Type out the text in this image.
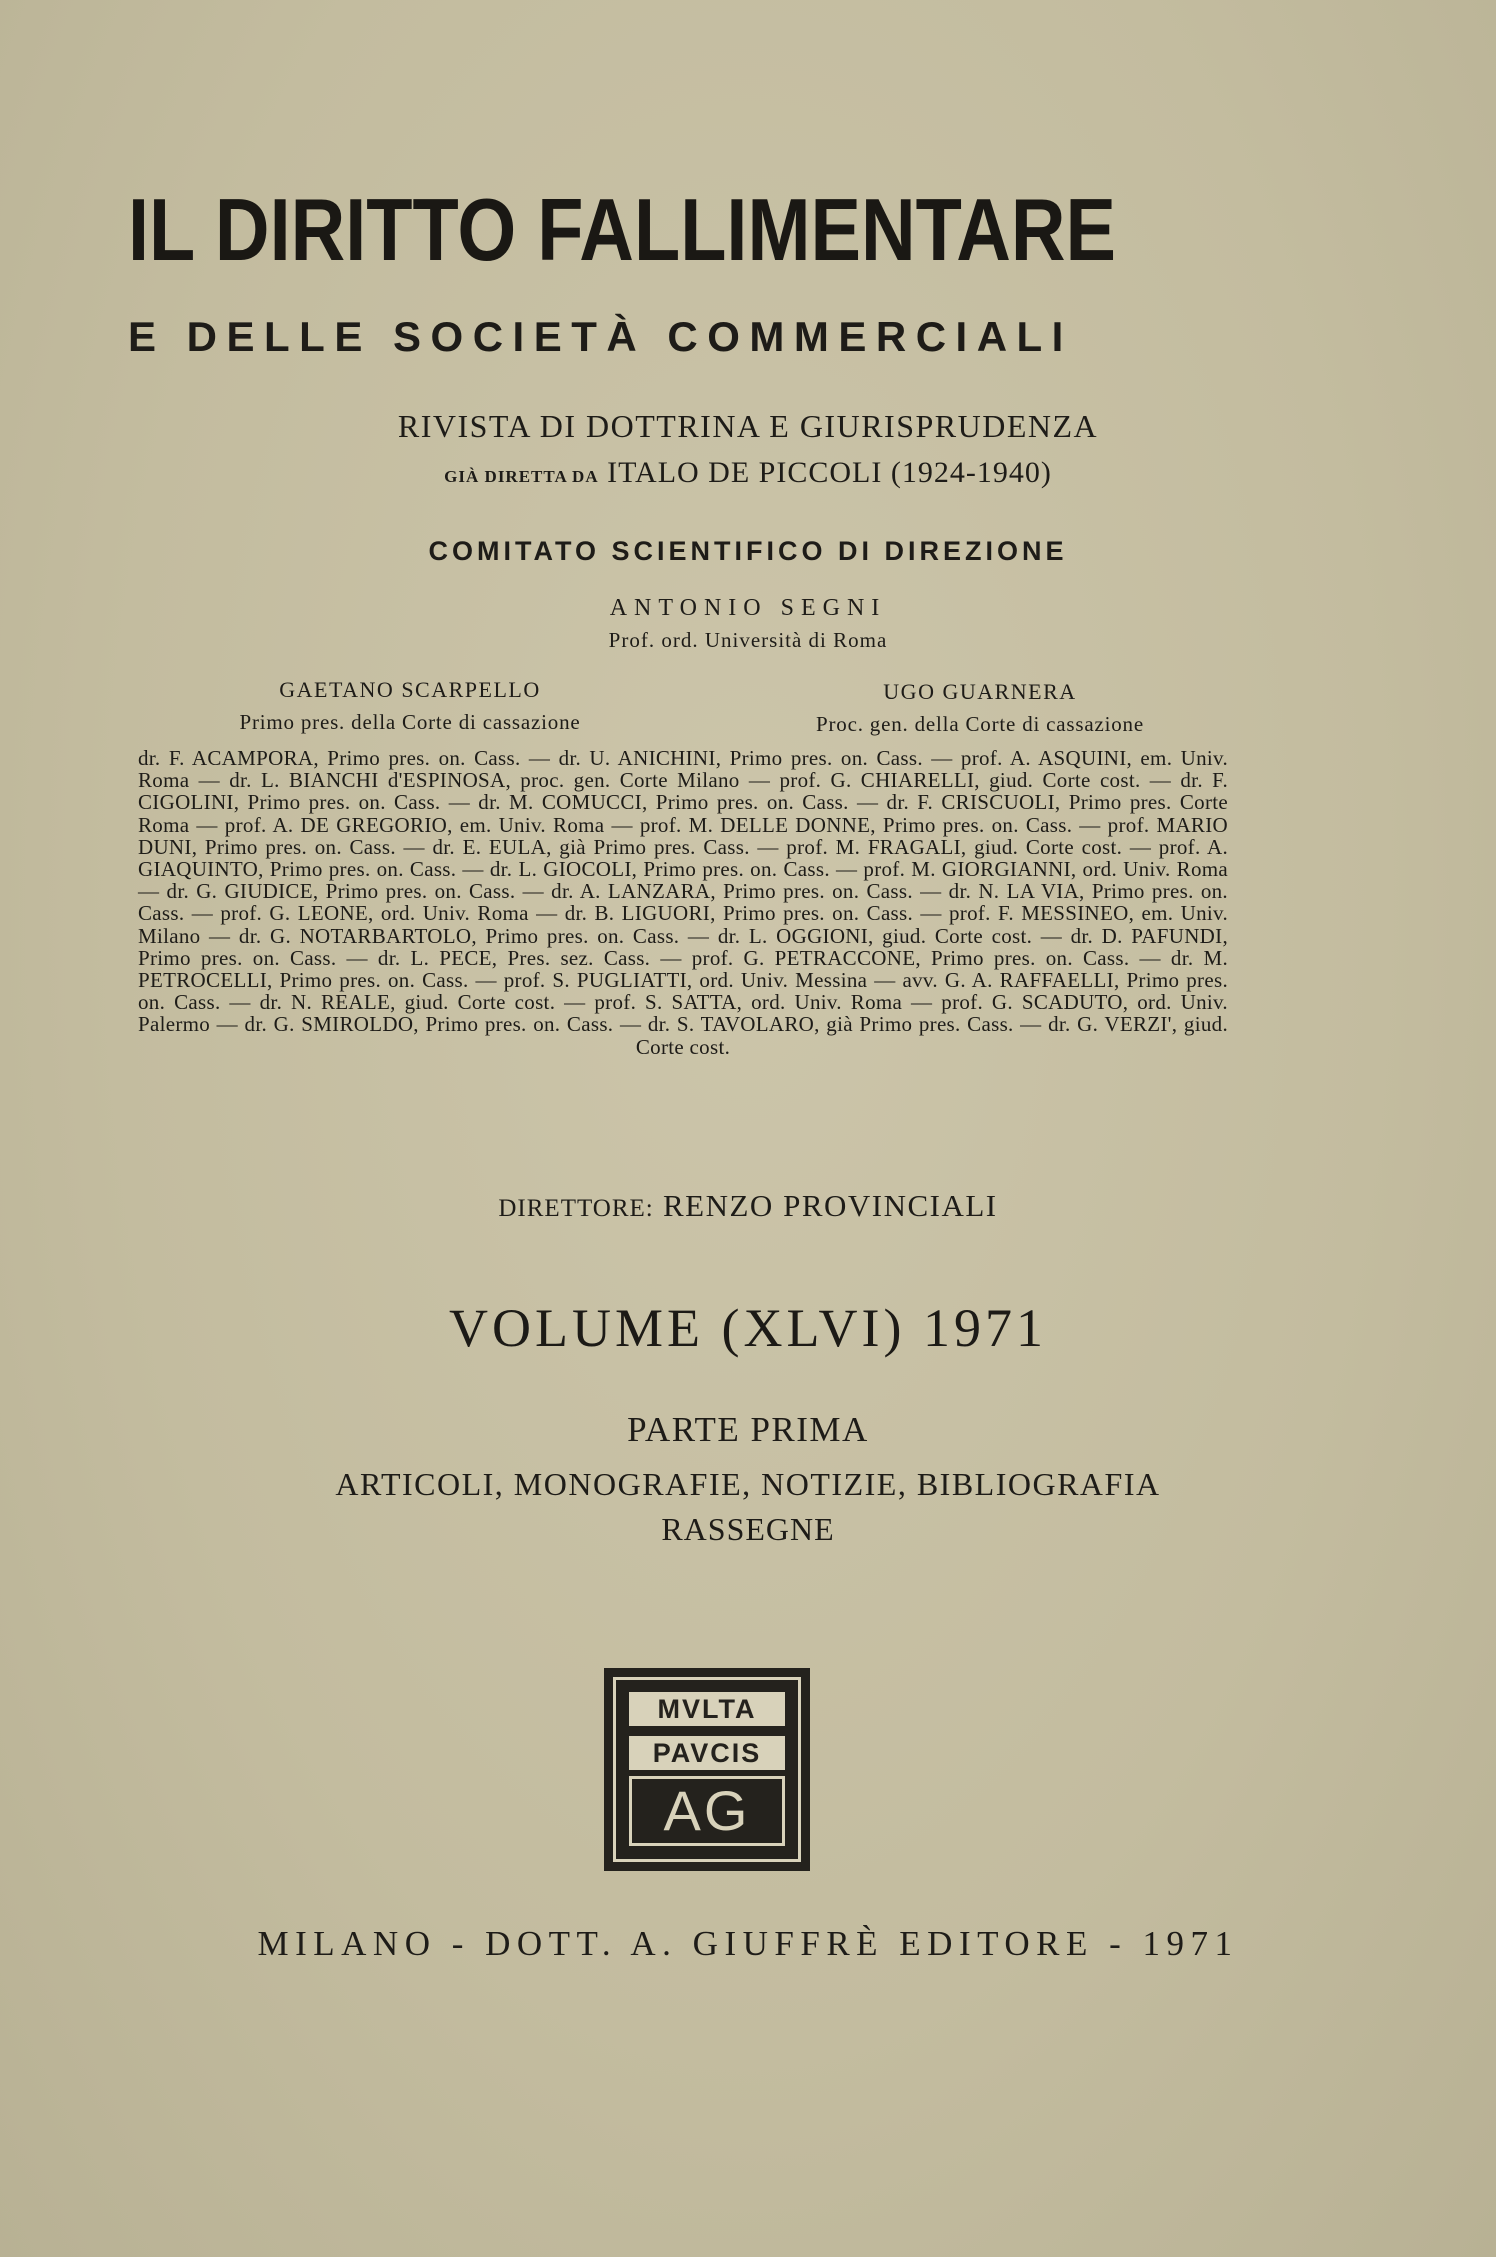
IL DIRITTO FALLIMENTARE
E DELLE SOCIETÀ COMMERCIALI
RIVISTA DI DOTTRINA E GIURISPRUDENZA
GIÀ DIRETTA DA ITALO DE PICCOLI (1924-1940)
COMITATO SCIENTIFICO DI DIREZIONE
ANTONIO SEGNI
Prof. ord. Università di Roma
GAETANO SCARPELLO
Primo pres. della Corte di cassazione
UGO GUARNERA
Proc. gen. della Corte di cassazione
dr. F. ACAMPORA, Primo pres. on. Cass. — dr. U. ANICHINI, Primo pres. on. Cass. — prof. A. ASQUINI, em. Univ. Roma — dr. L. BIANCHI d'ESPINOSA, proc. gen. Corte Milano — prof. G. CHIARELLI, giud. Corte cost. — dr. F. CIGOLINI, Primo pres. on. Cass. — dr. M. COMUCCI, Primo pres. on. Cass. — dr. F. CRISCUOLI, Primo pres. Corte Roma — prof. A. DE GREGORIO, em. Univ. Roma — prof. M. DELLE DONNE, Primo pres. on. Cass. — prof. MARIO DUNI, Primo pres. on. Cass. — dr. E. EULA, già Primo pres. Cass. — prof. M. FRAGALI, giud. Corte cost. — prof. A. GIAQUINTO, Primo pres. on. Cass. — dr. L. GIOCOLI, Primo pres. on. Cass. — prof. M. GIORGIANNI, ord. Univ. Roma — dr. G. GIUDICE, Primo pres. on. Cass. — dr. A. LANZARA, Primo pres. on. Cass. — dr. N. LA VIA, Primo pres. on. Cass. — prof. G. LEONE, ord. Univ. Roma — dr. B. LIGUORI, Primo pres. on. Cass. — prof. F. MESSINEO, em. Univ. Milano — dr. G. NOTARBARTOLO, Primo pres. on. Cass. — dr. L. OGGIONI, giud. Corte cost. — dr. D. PAFUNDI, Primo pres. on. Cass. — dr. L. PECE, Pres. sez. Cass. — prof. G. PETRACCONE, Primo pres. on. Cass. — dr. M. PETROCELLI, Primo pres. on. Cass. — prof. S. PUGLIATTI, ord. Univ. Messina — avv. G. A. RAFFAELLI, Primo pres. on. Cass. — dr. N. REALE, giud. Corte cost. — prof. S. SATTA, ord. Univ. Roma — prof. G. SCADUTO, ord. Univ. Palermo — dr. G. SMIROLDO, Primo pres. on. Cass. — dr. S. TAVOLARO, già Primo pres. Cass. — dr. G. VERZI', giud. Corte cost.
DIRETTORE: RENZO PROVINCIALI
VOLUME (XLVI) 1971
PARTE PRIMA
ARTICOLI, MONOGRAFIE, NOTIZIE, BIBLIOGRAFIA
RASSEGNE
MVLTA
PAVCIS
AG
MILANO - DOTT. A. GIUFFRÈ EDITORE - 1971
